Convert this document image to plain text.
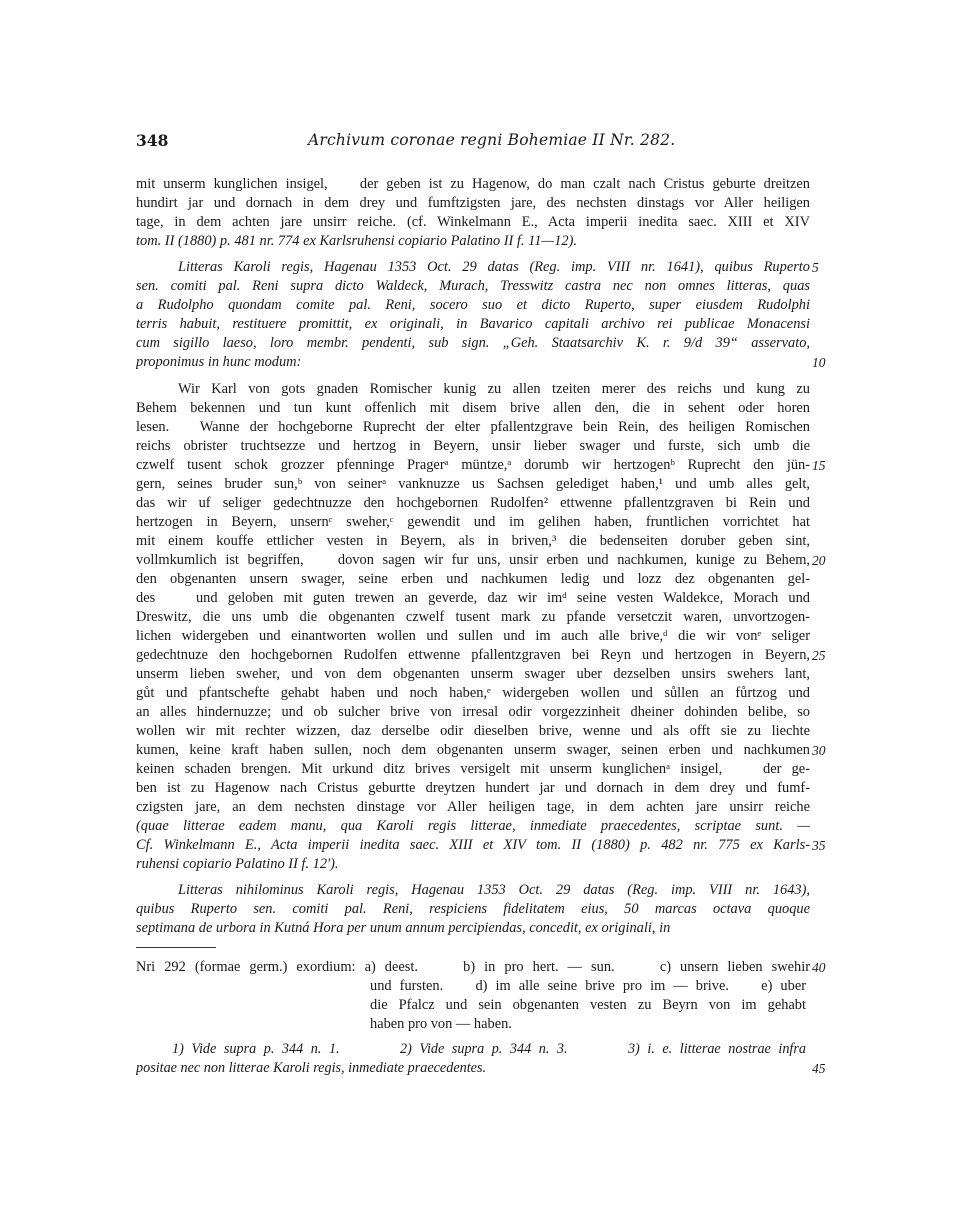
348	Archivum coronae regni Bohemiae II Nr. 282.
mit unserm kunglichen insigel,    der geben ist zu Hagenow, do man czalt nach Cristus geburte dreitzen
hundirt jar und dornach in dem drey und fumftzigsten jare, des nechsten dinstags vor Aller heiligen
tage, in dem achten jare unsirr reiche. (cf. Winkelmann E., Acta imperii inedita saec. XIII et XIV
tom. II (1880) p. 481 nr. 774 ex Karlsruhensi copiario Palatino II f. 11—12).
Litteras Karoli regis, Hagenau 1353 Oct. 29 datas (Reg. imp. VIII nr. 1641), quibus Ruperto
sen. comiti pal. Reni supra dicto Waldeck, Murach, Tresswitz castra nec non omnes litteras, quas
a Rudolpho quondam comite pal. Reni, socero suo et dicto Ruperto, super eiusdem Rudolphi
terris habuit, restituere promittit, ex originali, in Bavarico capitali archivo rei publicae Monacensi
cum sigillo laeso, loro membr. pendenti, sub sign. „Geh. Staatsarchiv K. r. 9/d 39“ asservato,
proponimus in hunc modum:
Wir Karl von gots gnaden Romischer kunig zu allen tzeiten merer des reichs und kung zu
Behem bekennen und tun kunt offenlich mit disem brive allen den, die in sehent oder horen
lesen.   Wanne der hochgeborne Ruprecht der elter pfallentzgrave bein Rein, des heiligen Romischen
reichs obrister truchtsezze und hertzog in Beyern, unsir lieber swager und furste, sich umb die
czwelf tusent schok grozzer pfenninge Pragerᵃ müntze,ᵃ dorumb wir hertzogenᵇ Ruprecht den jün-
gern, seines bruder sun,ᵇ von seinerᵃ vanknuzze us Sachsen gelediget haben,¹ und umb alles gelt,
das wir uf seliger gedechtnuzze den hochgebornen Rudolfen² ettwenne pfallentzgraven bi Rein und
hertzogen in Beyern, unsernᶜ sweher,ᶜ gewendit und im gelihen haben, fruntlichen vorrichtet hat
mit einem kouffe ettlicher vesten in Beyern, als in briven,³ die bedenseiten doruber geben sint,
vollmkumlich ist begriffen,    dovon sagen wir fur uns, unsir erben und nachkumen, kunige zu Behem,
den obgenanten unsern swager, seine erben und nachkumen ledig und lozz dez obgenanten gel-
des    und geloben mit guten trewen an geverde, daz wir imᵈ seine vesten Waldekce, Morach und
Dreswitz, die uns umb die obgenanten czwelf tusent mark zu pfande versetczit waren, unvortzogen-
lichen widergeben und einantworten wollen und sullen und im auch alle brive,ᵈ die wir vonᵉ seliger
gedechtnuze den hochgebornen Rudolfen ettwenne pfallentzgraven bei Reyn und hertzogen in Beyern,
unserm lieben sweher, und von dem obgenanten unserm swager uber dezselben unsirs swehers lant,
gůt und pfantschefte gehabt haben und noch haben,ᵉ widergeben wollen und sůllen an fůrtzog und
an alles hindernuzze; und ob sulcher brive von irresal odir vorgezzinheit dheiner dohinden belibe, so
wollen wir mit rechter wizzen, daz derselbe odir dieselben brive, wenne und als offt sie zu liechte
kumen, keine kraft haben sullen, noch dem obgenanten unserm swager, seinen erben und nachkumen
keinen schaden brengen. Mit urkund ditz brives versigelt mit unserm kunglichenᵃ insigel,    der ge-
ben ist zu Hagenow nach Cristus geburtte dreytzen hundert jar und dornach in dem drey und fumf-
czigsten jare, an dem nechsten dinstage vor Aller heiligen tage, in dem achten jare unsirr reiche
(quae litterae eadem manu, qua Karoli regis litterae, inmediate praecedentes, scriptae sunt. —
Cf. Winkelmann E., Acta imperii inedita saec. XIII et XIV tom. II (1880) p. 482 nr. 775 ex Karls-
ruhensi copiario Palatino II f. 12').
Litteras nihilominus Karoli regis, Hagenau 1353 Oct. 29 datas (Reg. imp. VIII nr. 1643),
quibus Ruperto sen. comiti pal. Reni, respiciens fidelitatem eius, 50 marcas octava quoque
septimana de urbora in Kutná Hora per unum annum percipiendas, concedit, ex originali, in
Nri 292 (formae germ.) exordium: a) deest.     b) in pro hert. — sun.     c) unsern lieben swehir
und fursten.    d) im alle seine brive pro im — brive.    e) uber
die Pfalcz und sein obgenanten vesten zu Beyrn von im gehabt
haben pro von — haben.
1) Vide supra p. 344 n. 1.        2) Vide supra p. 344 n. 3.        3) i. e. litterae nostrae infra
positae nec non litterae Karoli regis, inmediate praecedentes.
5
10
15
20
25
30
35
40
45
